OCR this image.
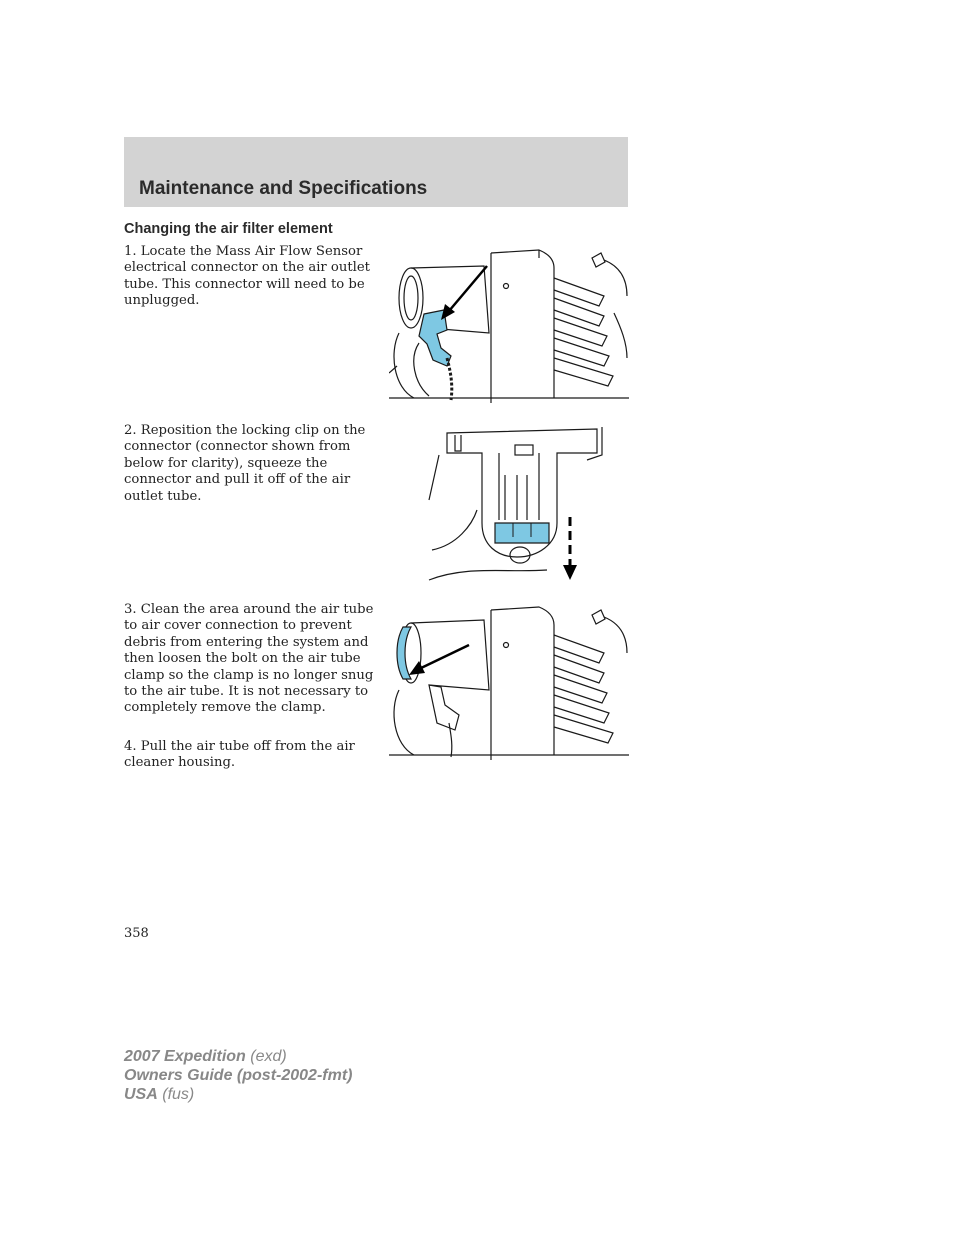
Maintenance and Specifications
Changing the air filter element

1. Locate the Mass Air Flow Sensor electrical connector on the air outlet tube. This connector will need to be unplugged.

2. Reposition the locking clip on the connector (connector shown from below for clarity), squeeze the connector and pull it off of the air outlet tube.

3. Clean the area around the air tube to air cover connection to prevent debris from entering the system and then loosen the bolt on the air tube clamp so the clamp is no longer snug to the air tube. It is not necessary to completely remove the clamp.

4. Pull the air tube off from the air cleaner housing.

358
2007 Expedition (exd)
Owners Guide (post-2002-fmt)
USA (fus)
